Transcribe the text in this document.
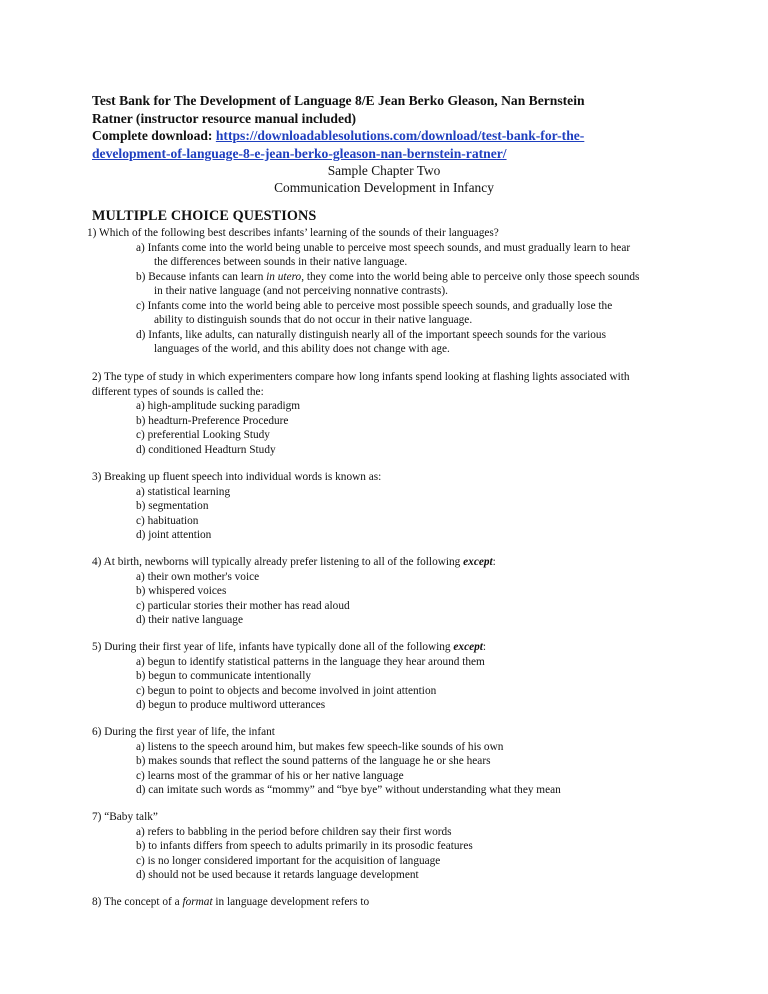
Test Bank for The Development of Language 8/E Jean Berko Gleason, Nan Bernstein
Ratner (instructor resource manual included)
Complete download: https://downloadablesolutions.com/download/test-bank-for-the-
development-of-language-8-e-jean-berko-gleason-nan-bernstein-ratner/
Sample Chapter Two
Communication Development in Infancy
MULTIPLE CHOICE QUESTIONS
1) Which of the following best describes infants’ learning of the sounds of their languages?
a) Infants come into the world being unable to perceive most speech sounds, and must gradually learn to hear
the differences between sounds in their native language.
b) Because infants can learn in utero, they come into the world being able to perceive only those speech sounds
in their native language (and not perceiving nonnative contrasts).
c) Infants come into the world being able to perceive most possible speech sounds, and gradually lose the
ability to distinguish sounds that do not occur in their native language.
d) Infants, like adults, can naturally distinguish nearly all of the important speech sounds for the various
languages of the world, and this ability does not change with age.
2) The type of study in which experimenters compare how long infants spend looking at flashing lights associated with
different types of sounds is called the:
a) high-amplitude sucking paradigm
b) headturn-Preference Procedure
c) preferential Looking Study
d) conditioned Headturn Study
3) Breaking up fluent speech into individual words is known as:
a) statistical learning
b) segmentation
c) habituation
d) joint attention
4) At birth, newborns will typically already prefer listening to all of the following except:
a) their own mother's voice
b) whispered voices
c) particular stories their mother has read aloud
d) their native language
5) During their first year of life, infants have typically done all of the following except:
a) begun to identify statistical patterns in the language they hear around them
b) begun to communicate intentionally
c) begun to point to objects and become involved in joint attention
d) begun to produce multiword utterances
6) During the first year of life, the infant
a) listens to the speech around him, but makes few speech-like sounds of his own
b) makes sounds that reflect the sound patterns of the language he or she hears
c) learns most of the grammar of his or her native language
d) can imitate such words as “mommy” and “bye bye” without understanding what they mean
7) “Baby talk”
a) refers to babbling in the period before children say their first words
b) to infants differs from speech to adults primarily in its prosodic features
c) is no longer considered important for the acquisition of language
d) should not be used because it retards language development
8) The concept of a format in language development refers to
